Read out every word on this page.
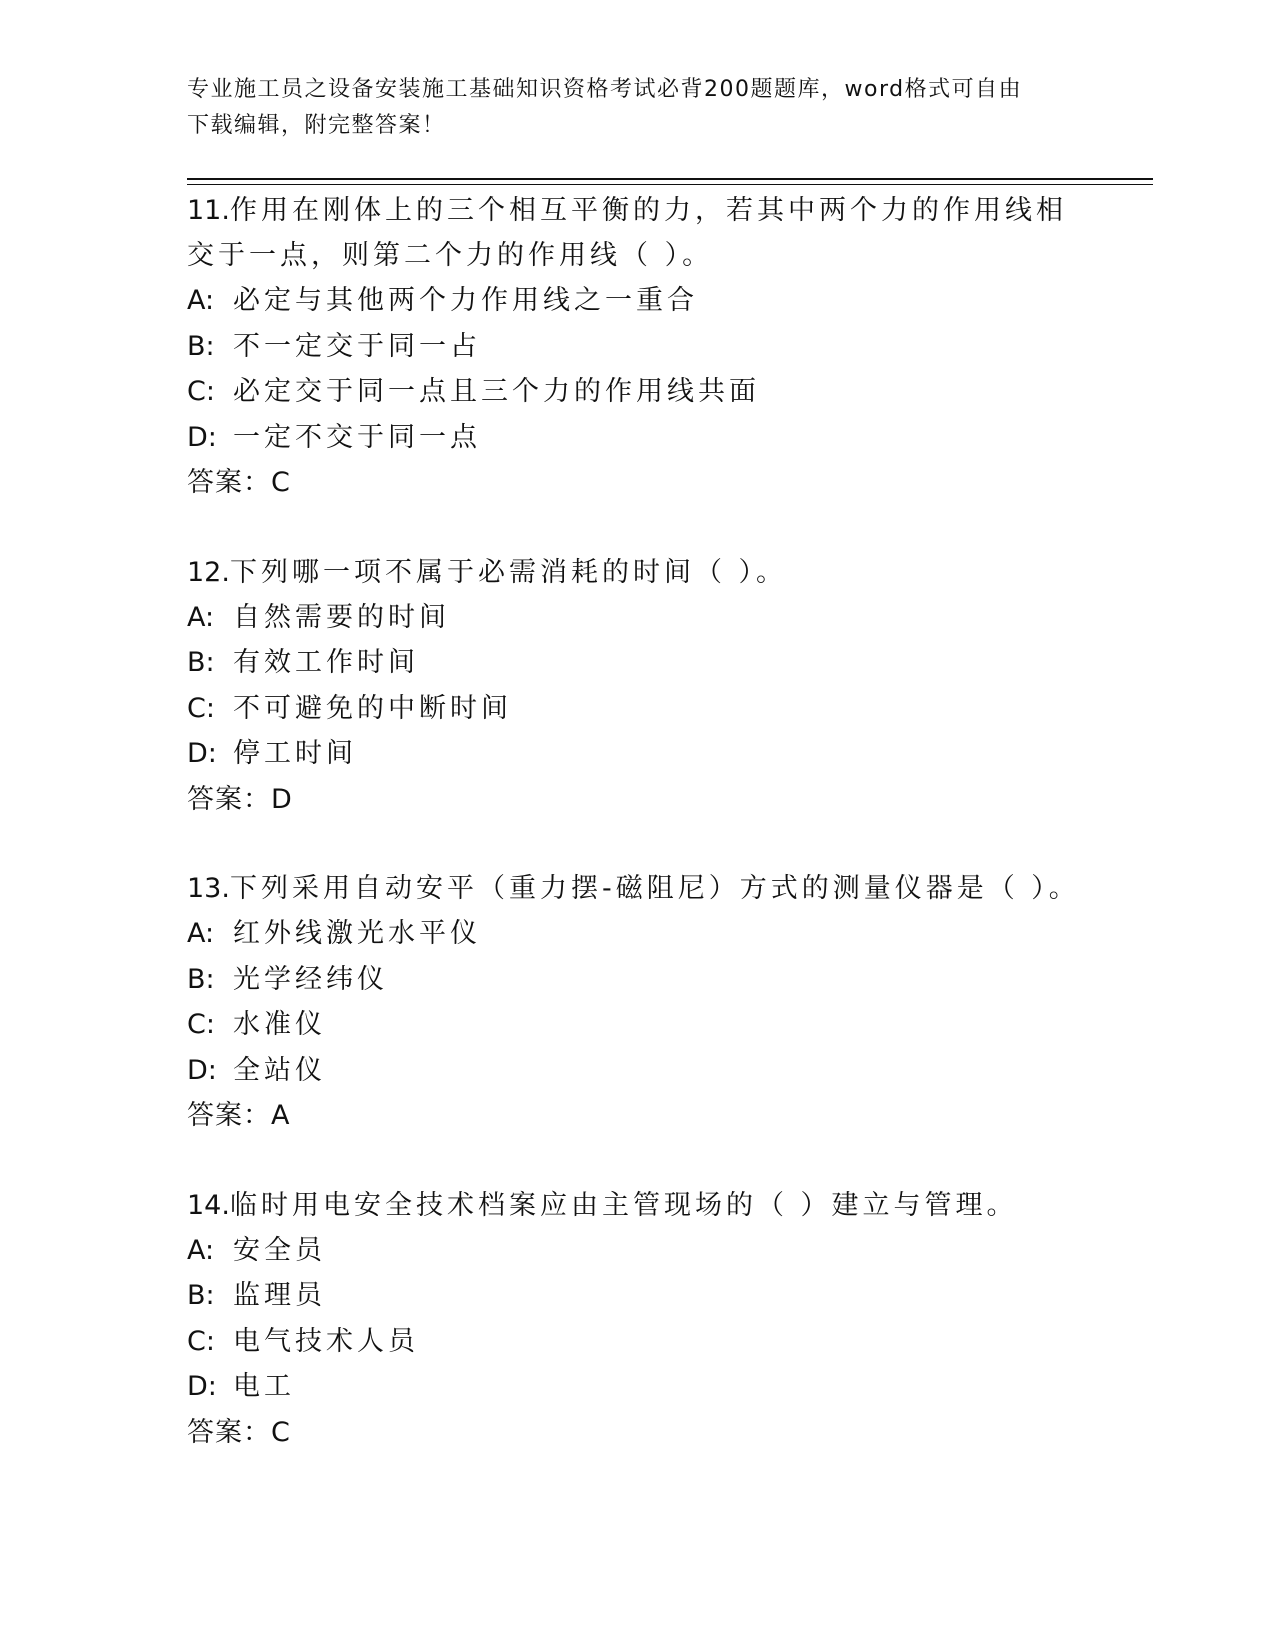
专业施工员之设备安装施工基础知识资格考试必背200题题库，word格式可自由
下载编辑，附完整答案！
11.作用在刚体上的三个相互平衡的力，若其中两个力的作用线相交于一点，则第二个力的作用线（ ）。
A: 必定与其他两个力作用线之一重合
B: 不一定交于同一占
C: 必定交于同一点且三个力的作用线共面
D: 一定不交于同一点
答案：C
12.下列哪一项不属于必需消耗的时间（ ）。
A: 自然需要的时间
B: 有效工作时间
C: 不可避免的中断时间
D: 停工时间
答案：D
13.下列采用自动安平（重力摆-磁阻尼）方式的测量仪器是（ ）。
A: 红外线激光水平仪
B: 光学经纬仪
C: 水准仪
D: 全站仪
答案：A
14.临时用电安全技术档案应由主管现场的（ ）建立与管理。
A: 安全员
B: 监理员
C: 电气技术人员
D: 电工
答案：C
